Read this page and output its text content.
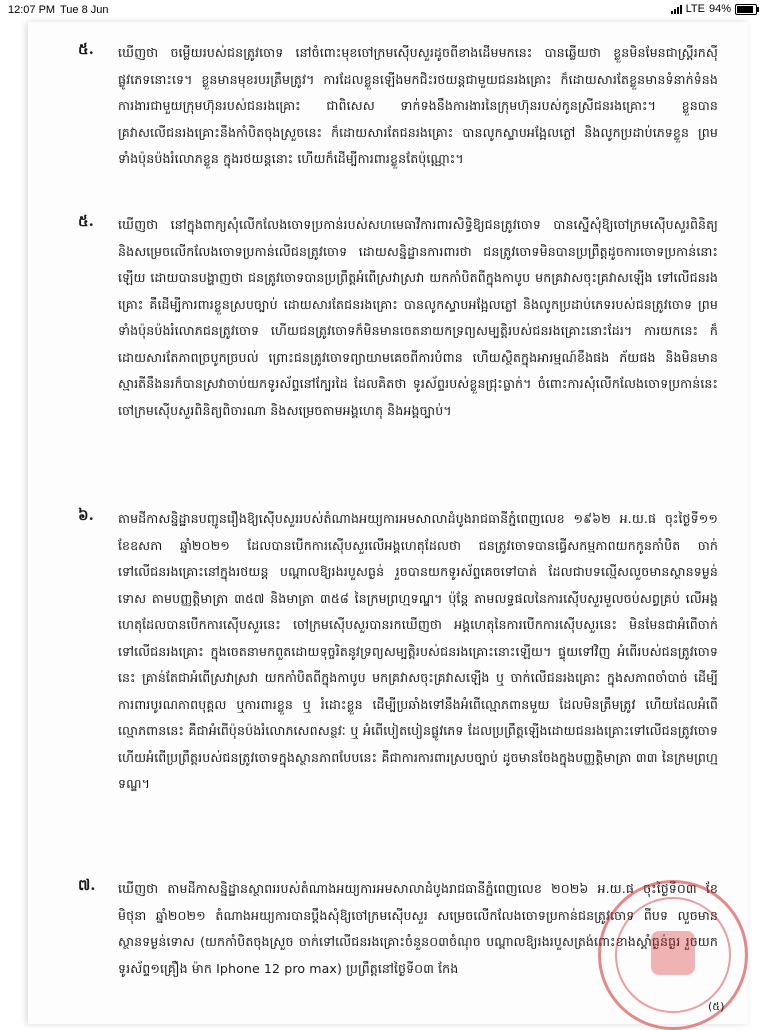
12:07 PM Tue 8 Jun	LTE 94%
៥. ឃើញថា ចម្លើយរបស់ជនត្រូវចោទ នៅចំពោះមុខចៅក្រមស៊ើបសួរដូចពីខាងដើមមកនេះ បានឆ្លើយថា ខ្លួនមិនមែនជាស្រ្តីរកស៊ីផ្លូវភេទនោះទេ។ ខ្លួនមានមុខរបរត្រឹមត្រូវ។ ការដែលខ្លួនឡើងមកជិះរថយន្តជាមួយជនរងគ្រោះ ក៏ដោយសារតែខ្លួនមានទំនាក់ទំនងការងារជាមួយក្រុមហ៊ុនរបស់ជនរងគ្រោះ ជាពិសេស ទាក់ទងនឹងការងារនៃក្រុមហ៊ុនរបស់កូនស្រីជនរងគ្រោះ។ ខ្លួនបានគ្រវាសលើជនរងគ្រោះនឹងកាំបិតចុងស្រួចនេះ ក៏ដោយសារតែជនរងគ្រោះ បានលូកស្ទាបអង្អែលភ្លៅ និងលូកប្រដាប់ភេទខ្លួន ព្រមទាំងប៉ុនប៉ងរំលោភខ្លួន ក្នុងរថយន្តនោះ ហើយក៏ដើម្បីការពារខ្លួនតែប៉ុណ្ណោះ។
៥. ឃើញថា នៅក្នុងពាក្យសុំលើកលែងចោទប្រកាន់របស់សហមេធាវីការពារសិទ្ធិឱ្យជនត្រូវចោទ បានស្នើសុំឱ្យចៅក្រមស៊ើបសួរពិនិត្យ និងសម្រេចលើកលែងចោទប្រកាន់លើជនត្រូវចោទ ដោយសន្និដ្ឋានការពារថា ជនត្រូវចោទមិនបានប្រព្រឹត្តដូចការចោទប្រកាន់នោះឡើយ ដោយបានបង្ហាញថា ជនត្រូវចោទបានប្រព្រឹត្តអំពើស្រវាស្រវា យកកាំបិតពីក្នុងកាបូប មកគ្រវាសចុះគ្រវាសឡើង ទៅលើជនរងគ្រោះ គឺដើម្បីការពារខ្លួនស្របច្បាប់ ដោយសារតែជនរងគ្រោះ បានលូកស្ទាបអង្អែលភ្លៅ និងលូកប្រដាប់ភេទរបស់ជនត្រូវចោទ ព្រមទាំងប៉ុនប៉ងរំលោភជនត្រូវចោទ ហើយជនត្រូវចោទក៏មិនមានចេតនាយកទ្រព្យសម្បត្តិរបស់ជនរងគ្រោះនោះដែរ។ ការយកនេះ ក៏ដោយសារតែភាពច្របូកច្របល់ ព្រោះជនត្រូវចោទព្យាយាមគេចពីការបំពាន ហើយស្ថិតក្នុងអារម្មណ៍ខឹងផង ភ័យផង និងមិនមានស្មារតីនឹងនរក៏បានស្រវាចាប់យកទូរស័ព្ទនៅក្បែរដៃ ដែលគិតថា ទូរស័ព្ទរបស់ខ្លួនជ្រុះធ្លាក់។ ចំពោះការសុំលើកលែងចោទប្រកាន់នេះ ចៅក្រមស៊ើបសួរពិនិត្យពិចារណា និងសម្រេចតាមអង្គហេតុ និងអង្គច្បាប់។
៦. តាមដីកាសន្និដ្ឋានបញ្ជូនរឿងឱ្យស៊ើបសួររបស់តំណាងអយ្យការអមសាលាដំបូងរាជធានីភ្នំពេញលេខ ១៩៦២ អ.យ.ផ ចុះថ្ងៃទី១១ ខែឧសភា ឆ្នាំ២០២១ ដែលបានបើកការស៊ើបសួរលើអង្គហេតុដែលថា ជនត្រូវចោទបានធ្វើសកម្មភាពយកកូនកាំបិត ចាក់ទៅលើជនរងគ្រោះនៅក្នុងរថយន្ត បណ្ដាលឱ្យរងរបួសធ្ងន់ រួចបានយកទូរស័ព្ទគេចទៅបាត់ ដែលជាបទល្មើសលួចមានស្ថានទម្ងន់ទោស តាមបញ្ញត្តិមាត្រា ៣៥៧ និងមាត្រា ៣៥៨ នៃក្រមព្រហ្មទណ្ឌ។ ប៉ុន្តែ តាមលទ្ធផលនៃការស៊ើបសួរមួលចប់សព្វគ្រប់ លើអង្គហេតុដែលបានបើកការស៊ើបសួរនេះ ចៅក្រមស៊ើបសួរបានរកឃើញថា អង្គហេតុនៃការបើកការស៊ើបសួរនេះ មិនមែនជាអំពើចាក់ទៅលើជនរងគ្រោះ ក្នុងចេតនាមកពួតដោយទុច្ចរិតនូវទ្រព្យសម្បត្តិរបស់ជនរងគ្រោះនោះឡើយ។ ផ្ទុយទៅវិញ អំពើរបស់ជនត្រូវចោទនេះ គ្រាន់តែជាអំពើស្រវាស្រវា យកកាំបិតពីក្នុងកាបូប មកគ្រវាសចុះគ្រវាសឡើង ឬ ចាក់លើជនរងគ្រោះ ក្នុងសភាពចាំបាច់ ដើម្បីការពារបូរណភាពបុគ្គល ឬការពារខ្លួន ឬ រំដោះខ្លួន ដើម្បីប្រឆាំងទៅនឹងអំពើល្មោភពានមួយ ដែលមិនត្រឹមត្រូវ ហើយដែលអំពើល្មោភពាននេះ គឺជាអំពើប៉ុនប៉ងរំលោភសេពសន្ថវៈ ឬ អំពើបៀតបៀនផ្លូវភេទ ដែលប្រព្រឹត្តឡើងដោយជនរងគ្រោះទៅលើជនត្រូវចោទ ហើយអំពើប្រព្រឹត្តរបស់ជនត្រូវចោទក្នុងស្ថានភាពបែបនេះ គឺជាការការពារស្របច្បាប់ ដូចមានចែងក្នុងបញ្ញត្តិមាត្រា ៣៣ នៃក្រមព្រហ្មទណ្ឌ។
៧. ឃើញថា តាមដីកាសន្និដ្ឋានស្ថាពររបស់តំណាងអយ្យការអមសាលាដំបូងរាជធានីភ្នំពេញលេខ ២០២៦ អ.យ.ផ ចុះថ្ងៃទី០៣ ខែមិថុនា ឆ្នាំ២០២១ តំណាងអយ្យការបានប្ដឹងសុំឱ្យចៅក្រមស៊ើបសួរ សម្រេចលើកលែងចោទប្រកាន់ជនត្រូវចោទ ពីបទ លួចមានស្ថានទម្ងន់ទោស (យកកាំបិតចុងស្រួច ចាក់ទៅលើជនរងគ្រោះចំនួន០៣ចំណុច បណ្ដាលឱ្យរងរបួសត្រង់ពោះខាងស្ដាំធ្ងន់ធ្ងរ រួចយកទូរស័ព្ទ១គ្រឿង ម៉ាក Iphone 12 pro max) ប្រព្រឹត្តនៅថ្ងៃទី០៣ កែង
(៥)
